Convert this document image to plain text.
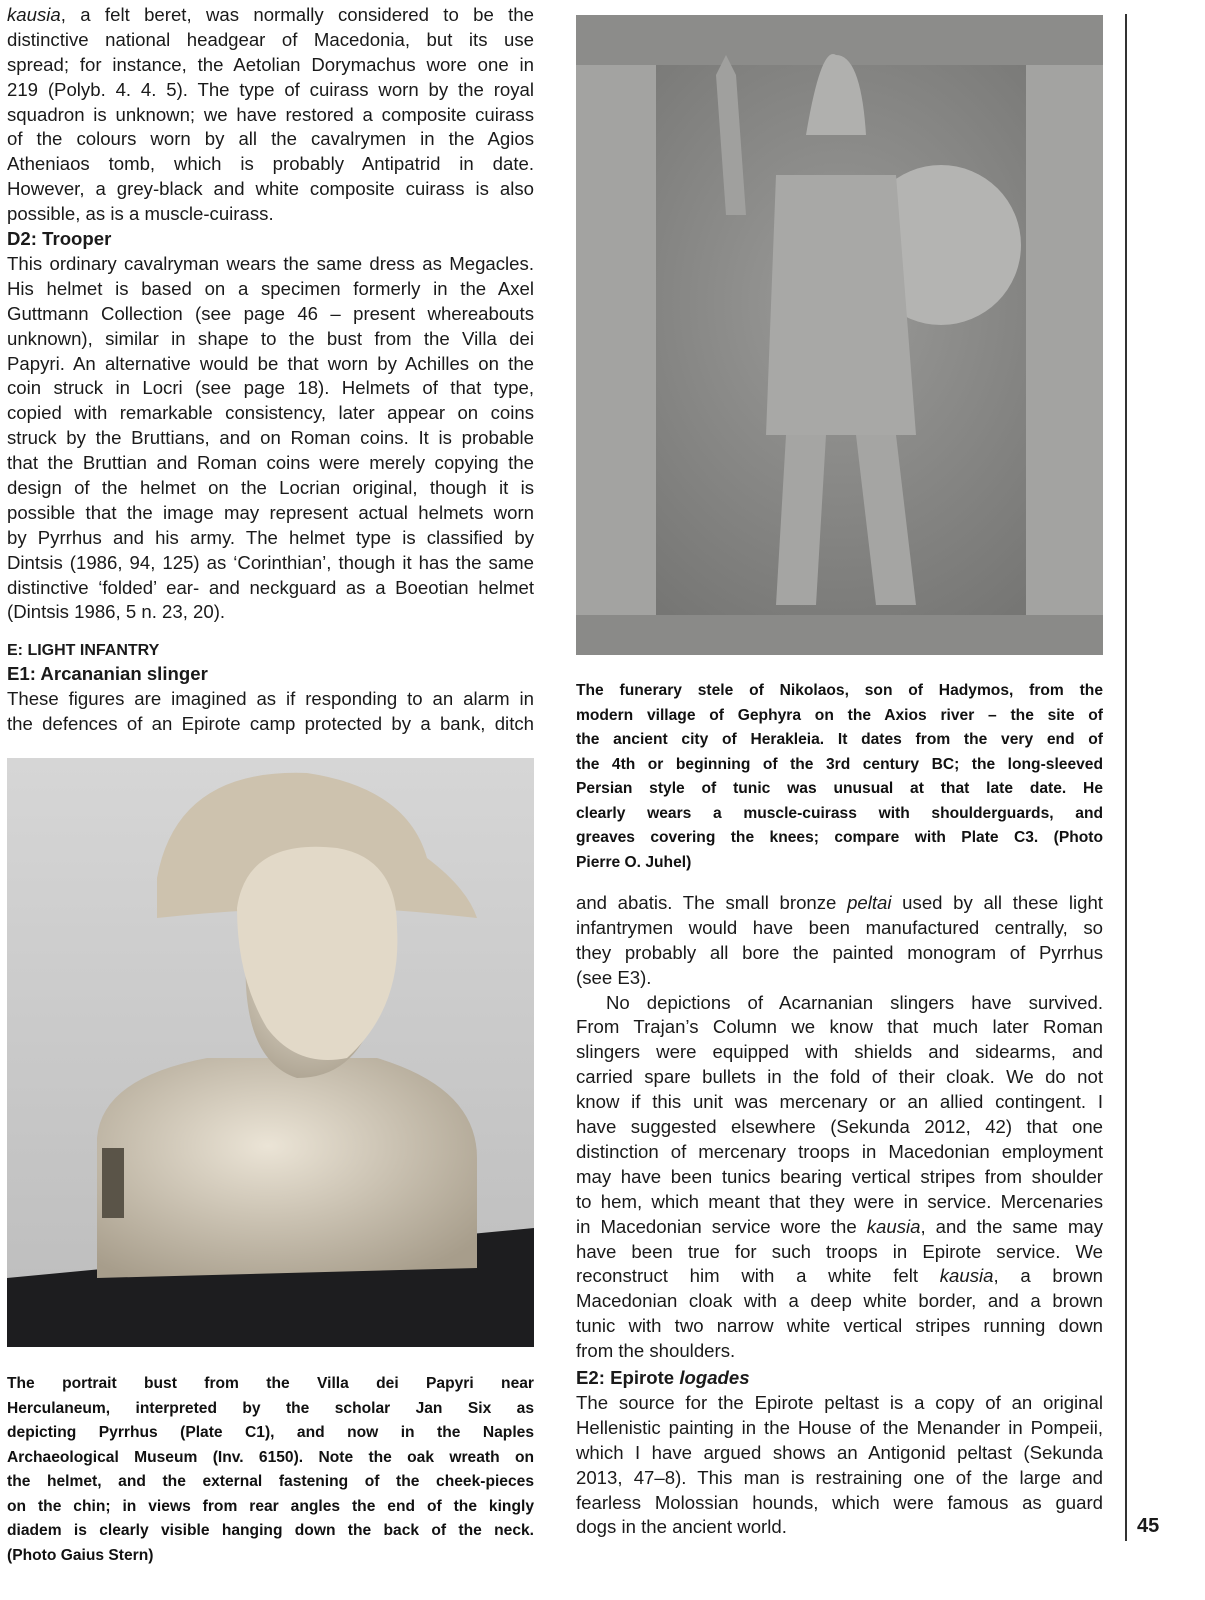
kausia, a felt beret, was normally considered to be the
distinctive national headgear of Macedonia, but its use
spread; for instance, the Aetolian Dorymachus wore one in
219 (Polyb. 4. 4. 5). The type of cuirass worn by the royal
squadron is unknown; we have restored a composite cuirass
of the colours worn by all the cavalrymen in the Agios
Atheniaos tomb, which is probably Antipatrid in date.
However, a grey-black and white composite cuirass is also
possible, as is a muscle-cuirass.
D2: Trooper
This ordinary cavalryman wears the same dress as Megacles.
His helmet is based on a specimen formerly in the Axel
Guttmann Collection (see page 46 – present whereabouts
unknown), similar in shape to the bust from the Villa dei
Papyri. An alternative would be that worn by Achilles on the
coin struck in Locri (see page 18). Helmets of that type,
copied with remarkable consistency, later appear on coins
struck by the Bruttians, and on Roman coins. It is probable
that the Bruttian and Roman coins were merely copying the
design of the helmet on the Locrian original, though it is
possible that the image may represent actual helmets worn
by Pyrrhus and his army. The helmet type is classified by
Dintsis (1986, 94, 125) as ‘Corinthian’, though it has the same
distinctive ‘folded’ ear- and neckguard as a Boeotian helmet
(Dintsis 1986, 5 n. 23, 20).
E: LIGHT INFANTRY
E1: Arcananian slinger
These figures are imagined as if responding to an alarm in
the defences of an Epirote camp protected by a bank, ditch
The portrait bust from the Villa dei Papyri near
Herculaneum, interpreted by the scholar Jan Six as
depicting Pyrrhus (Plate C1), and now in the Naples
Archaeological Museum (Inv. 6150). Note the oak wreath on
the helmet, and the external fastening of the cheek-pieces
on the chin; in views from rear angles the end of the kingly
diadem is clearly visible hanging down the back of the neck.
(Photo Gaius Stern)
The funerary stele of Nikolaos, son of Hadymos, from the
modern village of Gephyra on the Axios river – the site of
the ancient city of Herakleia. It dates from the very end of
the 4th or beginning of the 3rd century BC; the long-sleeved
Persian style of tunic was unusual at that late date. He
clearly wears a muscle-cuirass with shoulderguards, and
greaves covering the knees; compare with Plate C3. (Photo
Pierre O. Juhel)
and abatis. The small bronze peltai used by all these light
infantrymen would have been manufactured centrally, so
they probably all bore the painted monogram of Pyrrhus
(see E3).
No depictions of Acarnanian slingers have survived.
From Trajan’s Column we know that much later Roman
slingers were equipped with shields and sidearms, and
carried spare bullets in the fold of their cloak. We do not
know if this unit was mercenary or an allied contingent. I
have suggested elsewhere (Sekunda 2012, 42) that one
distinction of mercenary troops in Macedonian employment
may have been tunics bearing vertical stripes from shoulder
to hem, which meant that they were in service. Mercenaries
in Macedonian service wore the kausia, and the same may
have been true for such troops in Epirote service. We
reconstruct him with a white felt kausia, a brown
Macedonian cloak with a deep white border, and a brown
tunic with two narrow white vertical stripes running down
from the shoulders.
E2: Epirote logades
The source for the Epirote peltast is a copy of an original
Hellenistic painting in the House of the Menander in Pompeii,
which I have argued shows an Antigonid peltast (Sekunda
2013, 47–8). This man is restraining one of the large and
fearless Molossian hounds, which were famous as guard
dogs in the ancient world.	45
